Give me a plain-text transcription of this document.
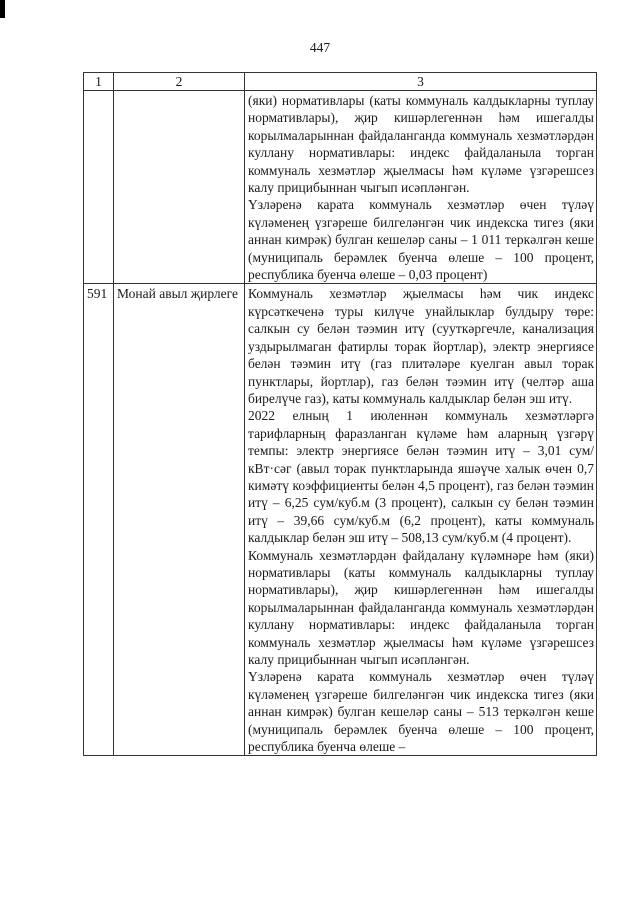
447
1	2	3

		(яки) нормативлары (каты коммуналь калдыкларны туплау нормативлары), җир кишәрлегеннән һәм ишегалды корылмаларыннан файдаланганда коммуналь хезмәтләрдән куллану нормативлары: индекс файдаланыла торган коммуналь хезмәтләр җыелмасы һәм күләме үзгәрешсез калу прицибыннан чыгып исәпләнгән.

Үзләренә карата коммуналь хезмәтләр өчен түләү күләменең үзгәреше билгеләнгән чик индекска тигез (яки аннан кимрәк) булган кешеләр саны – 1 011 теркәлгән кеше (муниципаль берәмлек буенча өлеше – 100 процент, республика буенча өлеше – 0,03 процент)

591	Монай авыл җирлеге	Коммуналь хезмәтләр җыелмасы һәм чик индекс күрсәткеченә туры килүче унайлыклар булдыру төре: салкын су белән тәэмин итү (сууткәргечле, канализация уздырылмаган фатирлы торак йортлар), электр энергиясе белән тәэмин итү (газ плитәләре куелган авыл торак пунктлары, йортлар), газ белән тәэмин итү (челтәр аша бирелүче газ), каты коммуналь калдыклар белән эш итү.

2022 елның 1 июленнән коммуналь хезмәтләргә тарифларның фаразланган күләме һәм аларның үзгәрү темпы: электр энергиясе белән тәэмин итү – 3,01 сум/кВт·сәг (авыл торак пунктларында яшәүче халык өчен 0,7 кимәтү коэффициенты белән 4,5 процент), газ белән тәэмин итү – 6,25 сум/куб.м (3 процент), салкын су белән тәэмин итү – 39,66 сум/куб.м (6,2 процент), каты коммуналь калдыклар белән эш итү – 508,13 сум/куб.м (4 процент).

Коммуналь хезмәтләрдән файдалану күләмнәре һәм (яки) нормативлары (каты коммуналь калдыкларны туплау нормативлары), җир кишәрлегеннән һәм ишегалды корылмаларыннан файдаланганда коммуналь хезмәтләрдән куллану нормативлары: индекс файдаланыла торган коммуналь хезмәтләр җыелмасы һәм күләме үзгәрешсез калу прицибыннан чыгып исәпләнгән.

Үзләренә карата коммуналь хезмәтләр өчен түләү күләменең үзгәреше билгеләнгән чик индекска тигез (яки аннан кимрәк) булган кешеләр саны – 513 теркәлгән кеше (муниципаль берәмлек буенча өлеше – 100 процент, республика буенча өлеше –
